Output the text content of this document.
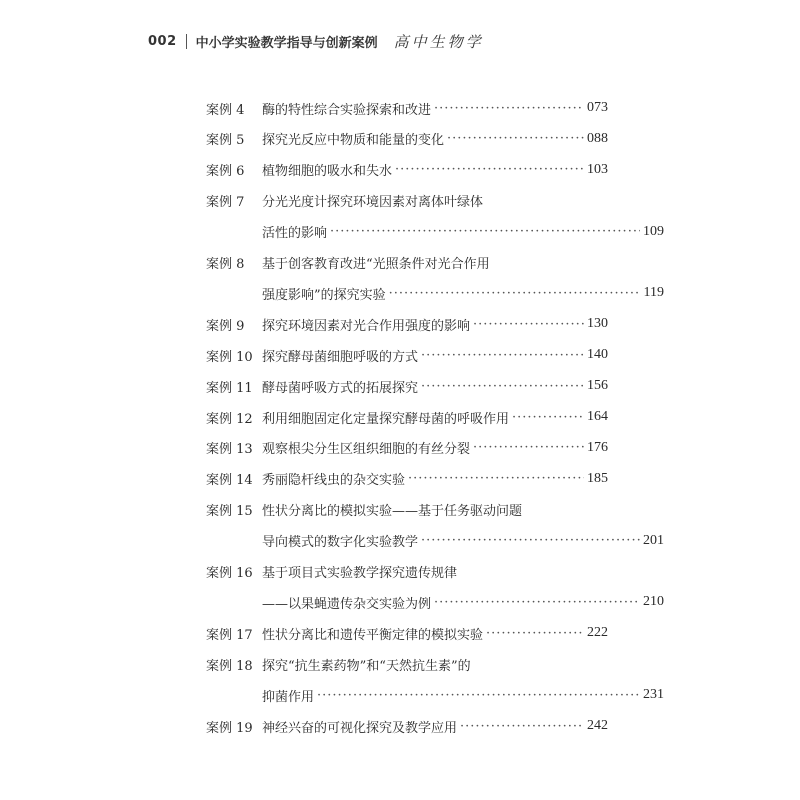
002 中小学实验教学指导与创新案例 高中生物学
案例 4	酶的特性综合实验探索和改进 ·····	073
案例 5	探究光反应中物质和能量的变化 ·····	088
案例 6	植物细胞的吸水和失水 ·····	103
案例 7	分光光度计探究环境因素对离体叶绿体
活性的影响 ·····	109
案例 8	基于创客教育改进“光照条件对光合作用
强度影响”的探究实验 ·····	119
案例 9	探究环境因素对光合作用强度的影响 ·····	130
案例 10 探究酵母菌细胞呼吸的方式 ·····	140
案例 11 酵母菌呼吸方式的拓展探究 ·····	156
案例 12 利用细胞固定化定量探究酵母菌的呼吸作用 ·····	164
案例 13 观察根尖分生区组织细胞的有丝分裂 ·····	176
案例 14 秀丽隐杆线虫的杂交实验 ·····	185
案例 15 性状分离比的模拟实验——基于任务驱动问题
导向模式的数字化实验教学 ·····	201
案例 16 基于项目式实验教学探究遗传规律
——以果蝇遗传杂交实验为例 ·····	210
案例 17 性状分离比和遗传平衡定律的模拟实验 ·····	222
案例 18 探究“抗生素药物”和“天然抗生素”的
抑菌作用 ·····	231
案例 19 神经兴奋的可视化探究及教学应用 ·····	242
